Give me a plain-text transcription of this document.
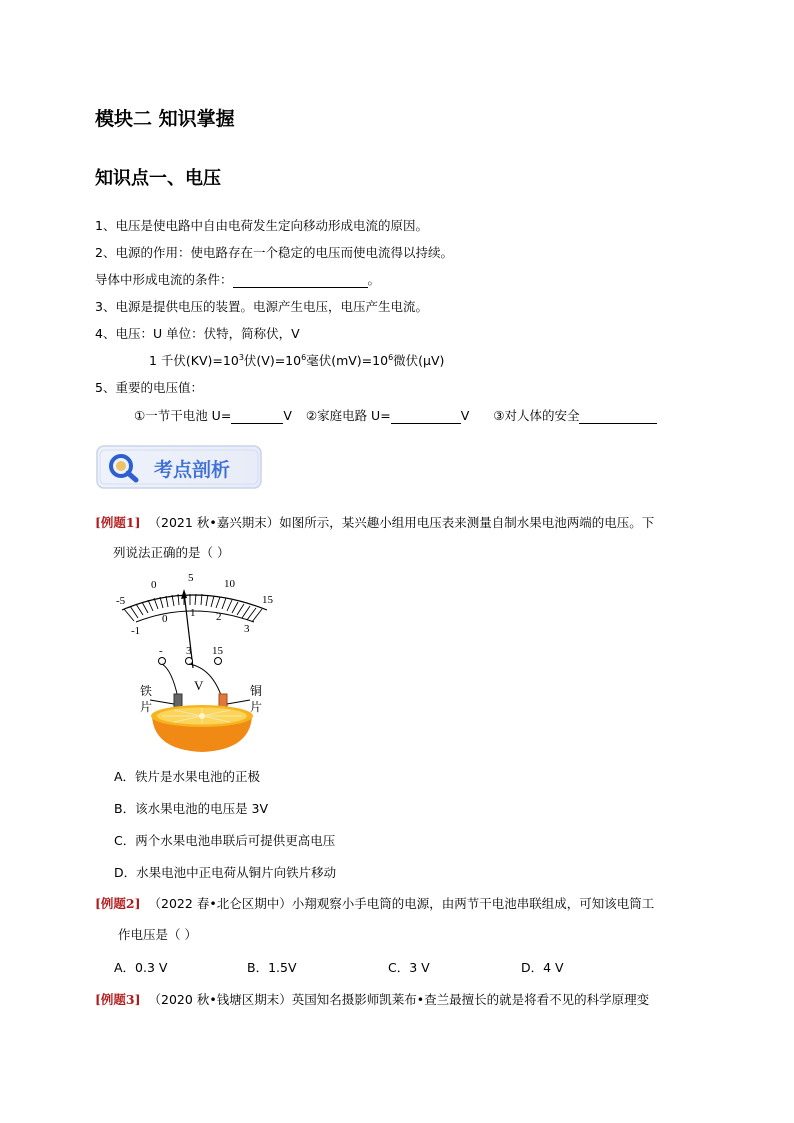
模块二 知识掌握
知识点一、电压
1、电压是使电路中自由电荷发生定向移动形成电流的原因。
2、电源的作用：使电路存在一个稳定的电压而使电流得以持续。
导体中形成电流的条件：	。
3、电源是提供电压的装置。电源产生电压，电压产生电流。
4、电压：U 单位：伏特，简称伏，V
1 千伏$(KV)=10^3$伏$(V)=10^6$毫伏$(mV)=10^6$微伏(μV)
5、重要的电压值：
①一节干电池 U=	V ②家庭电路 U=	V ③对人体的安全
考点剖析
[例题1] （2021 秋•嘉兴期末）如图所示，某兴趣小组用电压表来测量自制水果电池两端的电压。下
列说法正确的是（ ）
-5
0
5	10
15
-1
0 1 2
3
- 3 15
V
铁
片
铜
片
A．铁片是水果电池的正极
B．该水果电池的电压是 3V
C．两个水果电池串联后可提供更高电压
D．水果电池中正电荷从铜片向铁片移动
[例题2] （2022 春•北仑区期中）小翔观察小手电筒的电源，由两节干电池串联组成，可知该电筒工
作电压是（ ）
A．0.3 V	B．1.5V	C．3 V	D．4 V
[例题3] （2020 秋•钱塘区期末）英国知名摄影师凯莱布•查兰最擅长的就是将看不见的科学原理变
